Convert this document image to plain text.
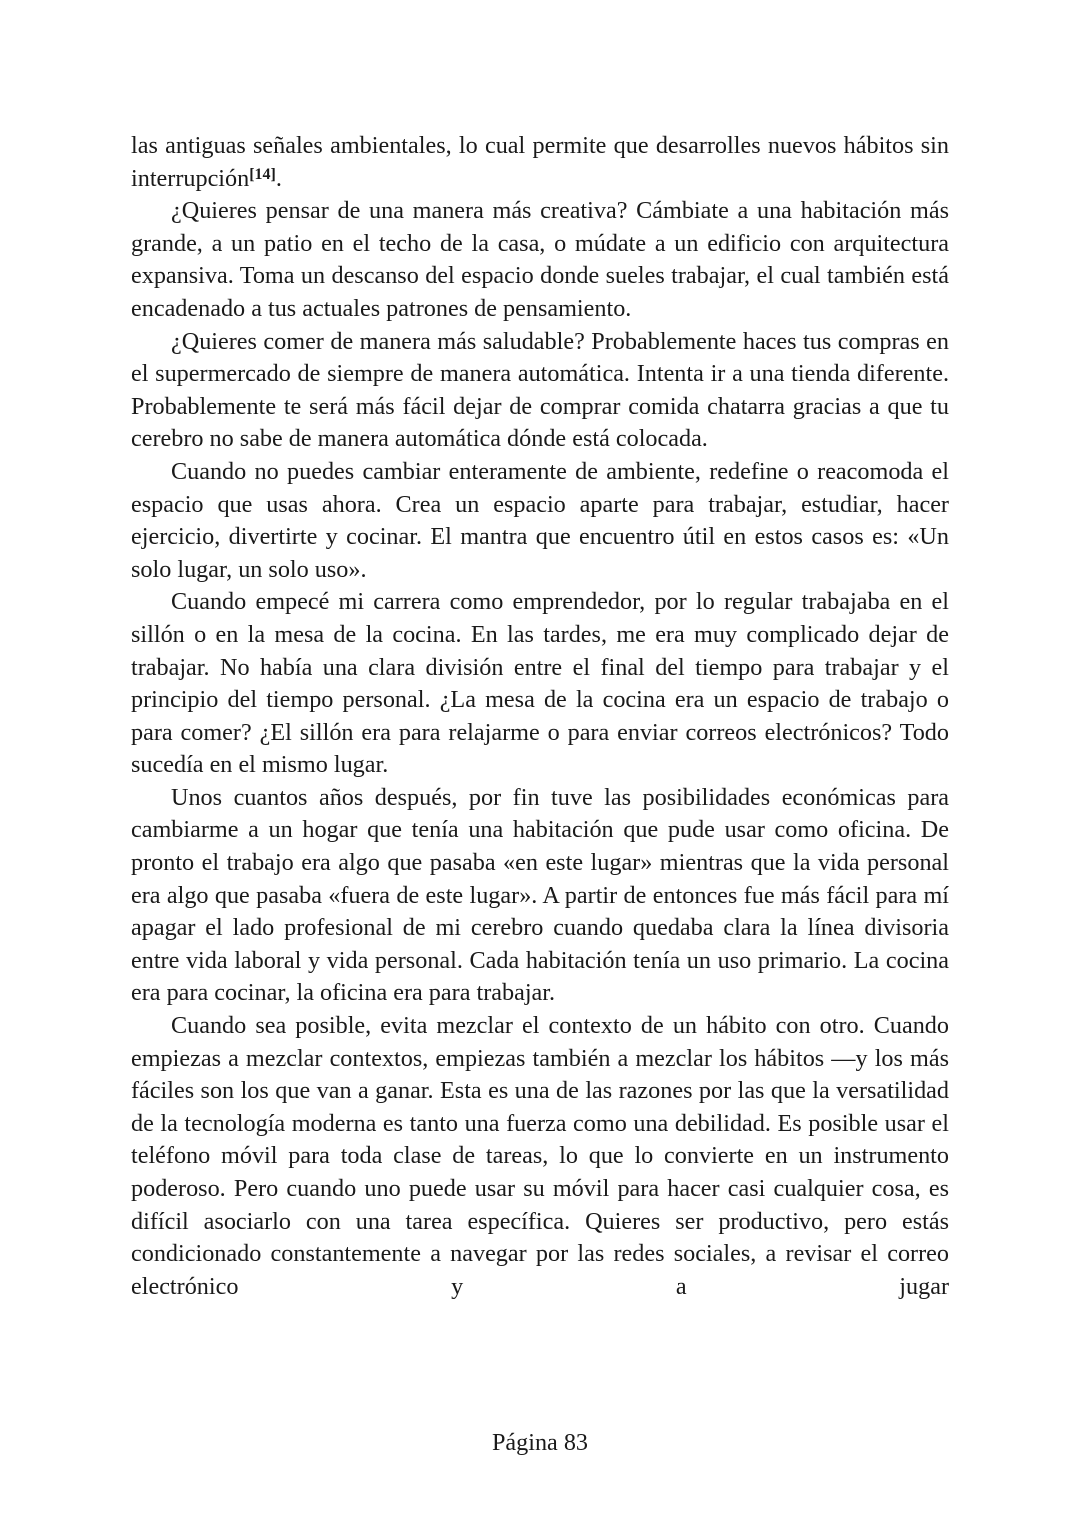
las antiguas señales ambientales, lo cual permite que desarrolles nuevos hábitos sin interrupción[14].

¿Quieres pensar de una manera más creativa? Cámbiate a una habitación más grande, a un patio en el techo de la casa, o múdate a un edificio con arquitectura expansiva. Toma un descanso del espacio donde sueles trabajar, el cual también está encadenado a tus actuales patrones de pensamiento.

¿Quieres comer de manera más saludable? Probablemente haces tus compras en el supermercado de siempre de manera automática. Intenta ir a una tienda diferente. Probablemente te será más fácil dejar de comprar comida chatarra gracias a que tu cerebro no sabe de manera automática dónde está colocada.

Cuando no puedes cambiar enteramente de ambiente, redefine o reacomoda el espacio que usas ahora. Crea un espacio aparte para trabajar, estudiar, hacer ejercicio, divertirte y cocinar. El mantra que encuentro útil en estos casos es: «Un solo lugar, un solo uso».

Cuando empecé mi carrera como emprendedor, por lo regular trabajaba en el sillón o en la mesa de la cocina. En las tardes, me era muy complicado dejar de trabajar. No había una clara división entre el final del tiempo para trabajar y el principio del tiempo personal. ¿La mesa de la cocina era un espacio de trabajo o para comer? ¿El sillón era para relajarme o para enviar correos electrónicos? Todo sucedía en el mismo lugar.

Unos cuantos años después, por fin tuve las posibilidades económicas para cambiarme a un hogar que tenía una habitación que pude usar como oficina. De pronto el trabajo era algo que pasaba «en este lugar» mientras que la vida personal era algo que pasaba «fuera de este lugar». A partir de entonces fue más fácil para mí apagar el lado profesional de mi cerebro cuando quedaba clara la línea divisoria entre vida laboral y vida personal. Cada habitación tenía un uso primario. La cocina era para cocinar, la oficina era para trabajar.

Cuando sea posible, evita mezclar el contexto de un hábito con otro. Cuando empiezas a mezclar contextos, empiezas también a mezclar los hábitos —y los más fáciles son los que van a ganar. Esta es una de las razones por las que la versatilidad de la tecnología moderna es tanto una fuerza como una debilidad. Es posible usar el teléfono móvil para toda clase de tareas, lo que lo convierte en un instrumento poderoso. Pero cuando uno puede usar su móvil para hacer casi cualquier cosa, es difícil asociarlo con una tarea específica. Quieres ser productivo, pero estás condicionado constantemente a navegar por las redes sociales, a revisar el correo electrónico y a jugar

Página 83
